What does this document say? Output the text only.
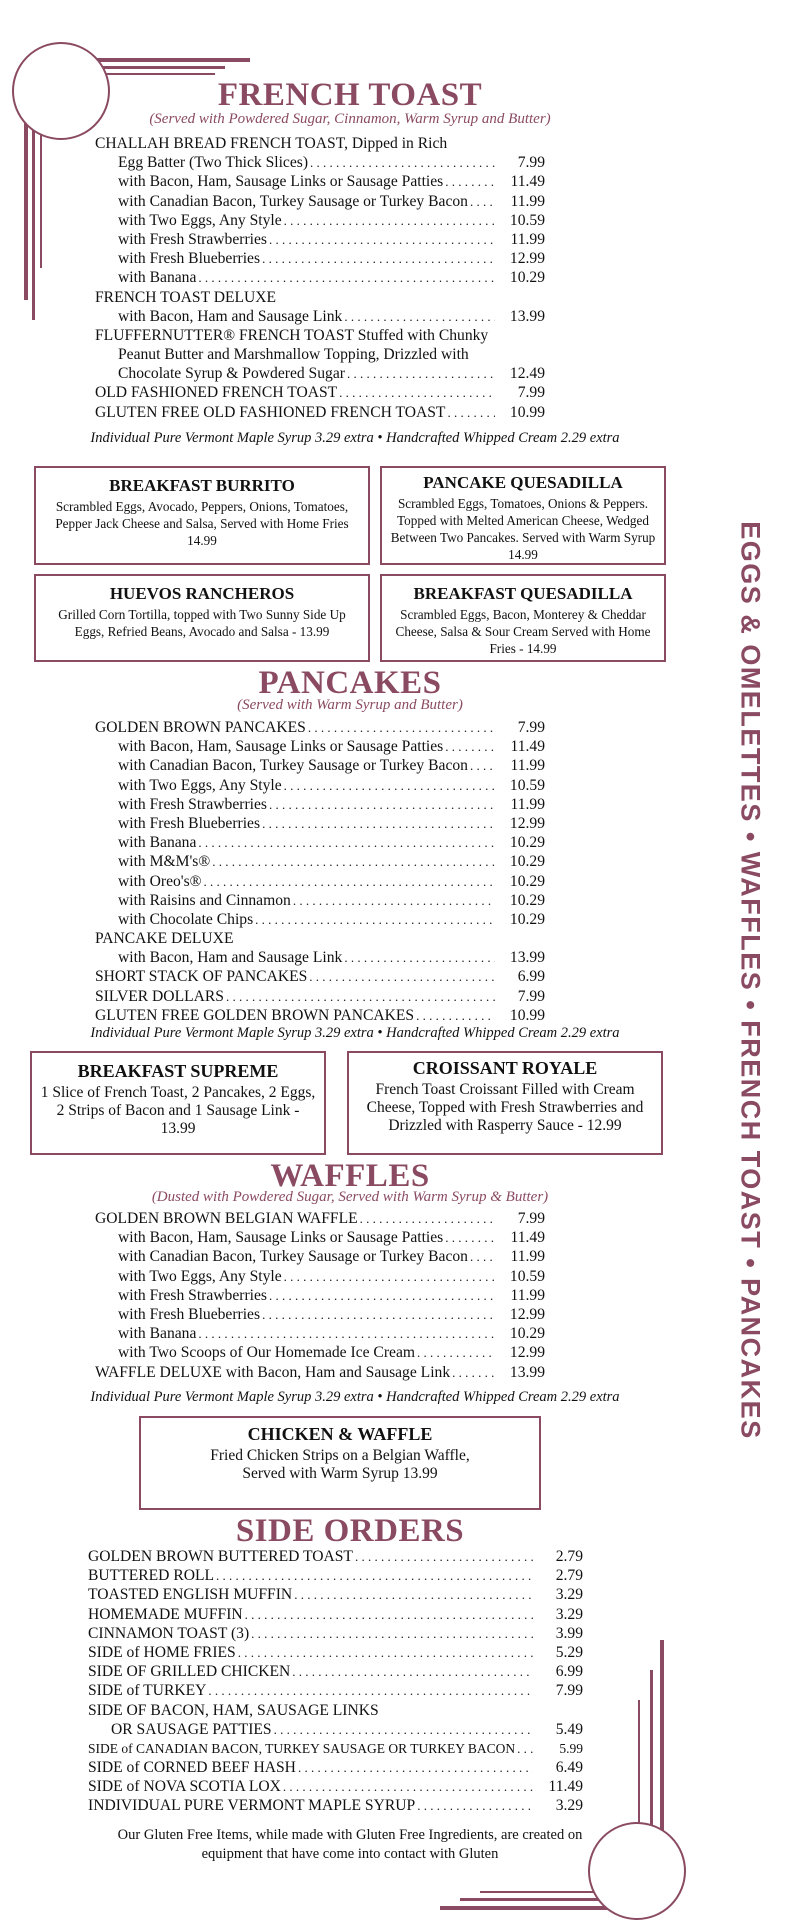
EGGS & OMELETTES • WAFFLES • FRENCH TOAST • PANCAKES
FRENCH TOAST
(Served with Powdered Sugar, Cinnamon, Warm Syrup and Butter)
CHALLAH BREAD FRENCH TOAST, Dipped in Rich
Egg Batter (Two Thick Slices) . . .	7.99
with Bacon, Ham, Sausage Links or Sausage Patties . . .	11.49
with Canadian Bacon, Turkey Sausage or Turkey Bacon . . .	11.99
with Two Eggs, Any Style . . .	10.59
with Fresh Strawberries . . .	11.99
with Fresh Blueberries . . .	12.99
with Banana . . .	10.29
FRENCH TOAST DELUXE
with Bacon, Ham and Sausage Link . . .	13.99
FLUFFERNUTTER® FRENCH TOAST Stuffed with Chunky
Peanut Butter and Marshmallow Topping, Drizzled with
Chocolate Syrup & Powdered Sugar . . .	12.49
OLD FASHIONED FRENCH TOAST . . .	7.99
GLUTEN FREE OLD FASHIONED FRENCH TOAST . . .	10.99
Individual Pure Vermont Maple Syrup 3.29 extra • Handcrafted Whipped Cream 2.29 extra
BREAKFAST BURRITO
Scrambled Eggs, Avocado, Peppers, Onions, Tomatoes, Pepper Jack Cheese and Salsa, Served with Home Fries 14.99
PANCAKE QUESADILLA
Scrambled Eggs, Tomatoes, Onions & Peppers. Topped with Melted American Cheese, Wedged Between Two Pancakes. Served with Warm Syrup 14.99
HUEVOS RANCHEROS
Grilled Corn Tortilla, topped with Two Sunny Side Up Eggs, Refried Beans, Avocado and Salsa - 13.99
BREAKFAST QUESADILLA
Scrambled Eggs, Bacon, Monterey & Cheddar Cheese, Salsa & Sour Cream Served with Home Fries - 14.99
PANCAKES
(Served with Warm Syrup and Butter)
GOLDEN BROWN PANCAKES . . .	7.99
with Bacon, Ham, Sausage Links or Sausage Patties . . .	11.49
with Canadian Bacon, Turkey Sausage or Turkey Bacon . . .	11.99
with Two Eggs, Any Style . . .	10.59
with Fresh Strawberries . . .	11.99
with Fresh Blueberries . . .	12.99
with Banana . . .	10.29
with M&M's® . . .	10.29
with Oreo's® . . .	10.29
with Raisins and Cinnamon . . .	10.29
with Chocolate Chips . . .	10.29
PANCAKE DELUXE
with Bacon, Ham and Sausage Link . . .	13.99
SHORT STACK OF PANCAKES . . .	6.99
SILVER DOLLARS . . .	7.99
GLUTEN FREE GOLDEN BROWN PANCAKES . . .	10.99
Individual Pure Vermont Maple Syrup 3.29 extra • Handcrafted Whipped Cream 2.29 extra
BREAKFAST SUPREME
1 Slice of French Toast, 2 Pancakes, 2 Eggs, 2 Strips of Bacon and 1 Sausage Link - 13.99
CROISSANT ROYALE
French Toast Croissant Filled with Cream Cheese, Topped with Fresh Strawberries and Drizzled with Rasperry Sauce - 12.99
WAFFLES
(Dusted with Powdered Sugar, Served with Warm Syrup & Butter)
GOLDEN BROWN BELGIAN WAFFLE . . .	7.99
with Bacon, Ham, Sausage Links or Sausage Patties . . .	11.49
with Canadian Bacon, Turkey Sausage or Turkey Bacon . . .	11.99
with Two Eggs, Any Style . . .	10.59
with Fresh Strawberries . . .	11.99
with Fresh Blueberries . . .	12.99
with Banana . . .	10.29
with Two Scoops of Our Homemade Ice Cream . . .	12.99
WAFFLE DELUXE with Bacon, Ham and Sausage Link . . .	13.99
Individual Pure Vermont Maple Syrup 3.29 extra • Handcrafted Whipped Cream 2.29 extra
CHICKEN & WAFFLE
Fried Chicken Strips on a Belgian Waffle, Served with Warm Syrup 13.99
SIDE ORDERS
GOLDEN BROWN BUTTERED TOAST . . .	2.79
BUTTERED ROLL . . .	2.79
TOASTED ENGLISH MUFFIN . . .	3.29
HOMEMADE MUFFIN . . .	3.29
CINNAMON TOAST (3) . . .	3.99
SIDE of HOME FRIES . . .	5.29
SIDE OF GRILLED CHICKEN . . .	6.99
SIDE of TURKEY . . .	7.99
SIDE OF BACON, HAM, SAUSAGE LINKS
OR SAUSAGE PATTIES . . .	5.49
SIDE of CANADIAN BACON, TURKEY SAUSAGE OR TURKEY BACON . . .	5.99
SIDE of CORNED BEEF HASH . . .	6.49
SIDE of NOVA SCOTIA LOX . . .	11.49
INDIVIDUAL PURE VERMONT MAPLE SYRUP . . .	3.29
Our Gluten Free Items, while made with Gluten Free Ingredients, are created on equipment that have come into contact with Gluten
